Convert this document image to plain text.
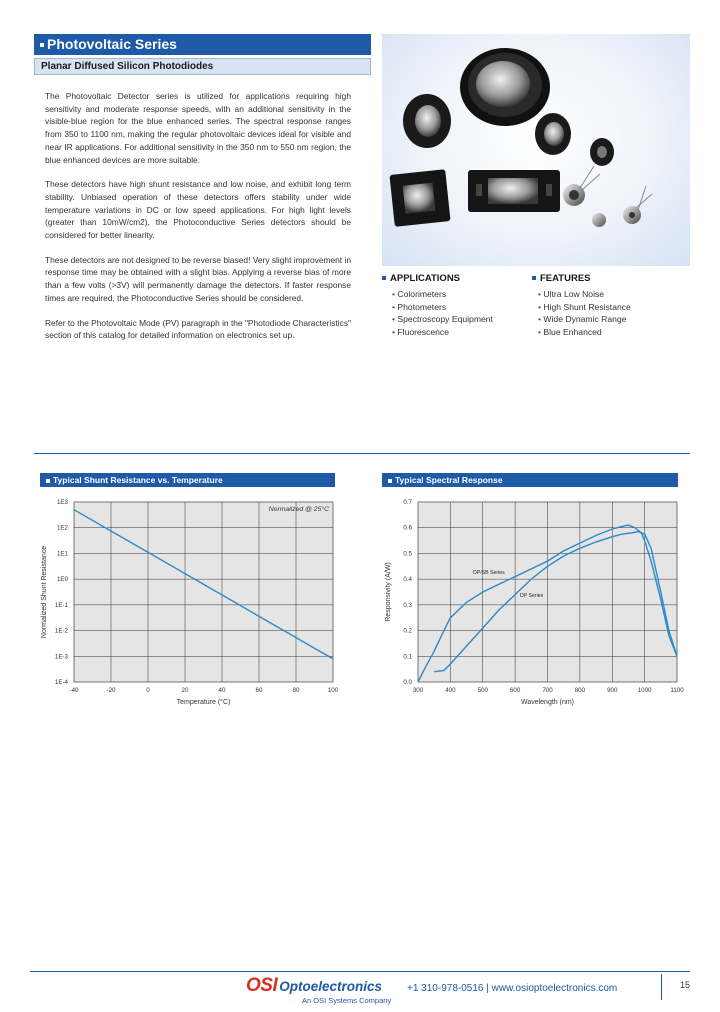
Photovoltaic Series
Planar Diffused Silicon Photodiodes

The Photovoltaic Detector series is utilized for applications requiring high sensitivity and moderate response speeds, with an additional sensitivity in the visible-blue region for the blue enhanced series. The spectral response ranges from 350 to 1100 nm, making the regular photovoltaic devices ideal for visible and near IR applications. For additional sensitivity in the 350 nm to 550 nm region, the blue enhanced devices are more suitable.

These detectors have high shunt resistance and low noise, and exhibit long term stability. Unbiased operation of these detectors offers stability under wide temperature variations in DC or low speed applications. For high light levels (greater than 10mW/cm2), the Photoconductive Series detectors should be considered for better linearity.

These detectors are not designed to be reverse biased! Very slight improvement in response time may be obtained with a slight bias. Applying a reverse bias of more than a few volts (>3V) will permanently damage the detectors. If faster response times are required, the Photoconductive Series should be considered.

Refer to the Photovoltaic Mode (PV) paragraph in the "Photodiode Characteristics" section of this catalog for detailed information on electronics set up.

APPLICATIONS
• Colorimeters
• Photometers
• Spectroscopy Equipment
• Fluorescence
FEATURES
• Ultra Low Noise
• High Shunt Resistance
• Wide Dynamic Range
• Blue Enhanced
Typical Shunt Resistance vs. Temperature
-40	-20	0	20	40	60	80	100
1E3
1E2
1E1
1E0
1E-1
1E-2
1E-3
1E-4
Temperature (°C)
Normalized Shunt Resistance
Normalized @ 25°C
Typical Spectral Response
300	400	500	600	700	800	900	1000	1100
0.7
0.6
0.5
0.4
0.3
0.2
0.1
0.0
Wavelength (nm)
Responsivity (A/W)	DP/SB Series
DP Series
OSI Optoelectronics
An OSI Systems Company
+1 310-978-0516 | www.osioptoelectronics.com	15
